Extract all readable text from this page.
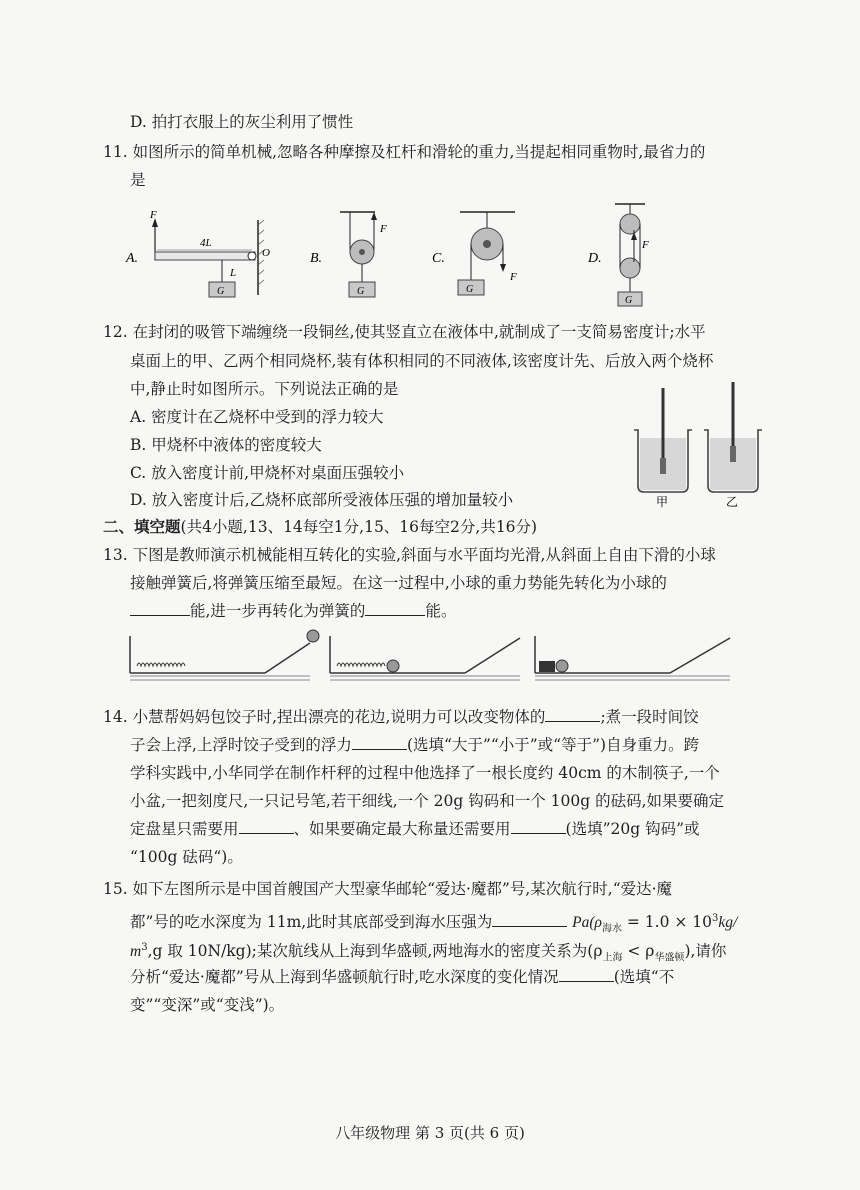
D. 拍打衣服上的灰尘利用了惯性
11. 如图所示的简单机械,忽略各种摩擦及杠杆和滑轮的重力,当提起相同重物时,最省力的
是
A.
F
4L
O
L
G
B.
F
G
C.
F
G
D.
F
G
12. 在封闭的吸管下端缠绕一段铜丝,使其竖直立在液体中,就制成了一支简易密度计;水平
桌面上的甲、乙两个相同烧杯,装有体积相同的不同液体,该密度计先、后放入两个烧杯
中,静止时如图所示。下列说法正确的是
A. 密度计在乙烧杯中受到的浮力较大
B. 甲烧杯中液体的密度较大
C. 放入密度计前,甲烧杯对桌面压强较小
D. 放入密度计后,乙烧杯底部所受液体压强的增加量较小	甲	乙
二、填空题(共4小题,13、14每空1分,15、16每空2分,共16分)
13. 下图是教师演示机械能相互转化的实验,斜面与水平面均光滑,从斜面上自由下滑的小球
接触弹簧后,将弹簧压缩至最短。在这一过程中,小球的重力势能先转化为小球的
能,进一步再转化为弹簧的	能。
14. 小慧帮妈妈包饺子时,捏出漂亮的花边,说明力可以改变物体的	;煮一段时间饺
子会上浮,上浮时饺子受到的浮力	(选填“大于”“小于”或“等于”)自身重力。跨
学科实践中,小华同学在制作杆秤的过程中他选择了一根长度约 40cm 的木制筷子,一个
小盆,一把刻度尺,一只记号笔,若干细线,一个 20g 钩码和一个 100g 的砝码,如果要确定
定盘星只需要用	、如果要确定最大称量还需要用	(选填”20g 钩码”或
“100g 砝码“)。
15. 如下左图所示是中国首艘国产大型豪华邮轮“爱达·魔都”号,某次航行时,“爱达·魔
都”号的吃水深度为 11m,此时其底部受到海水压强为	$Pa(\rho_{海水} = 1.0 \times 10^3kg/$
$m^3,g$ 取 10N/kg);某次航线从上海到华盛顿,两地海水的密度关系为$(\rho_{上海} < \rho_{华盛顿})$,请你
分析“爱达·魔都”号从上海到华盛顿航行时,吃水深度的变化情况	(选填“不
变”“变深”或“变浅”)。
八年级物理 第 3 页(共 6 页)
